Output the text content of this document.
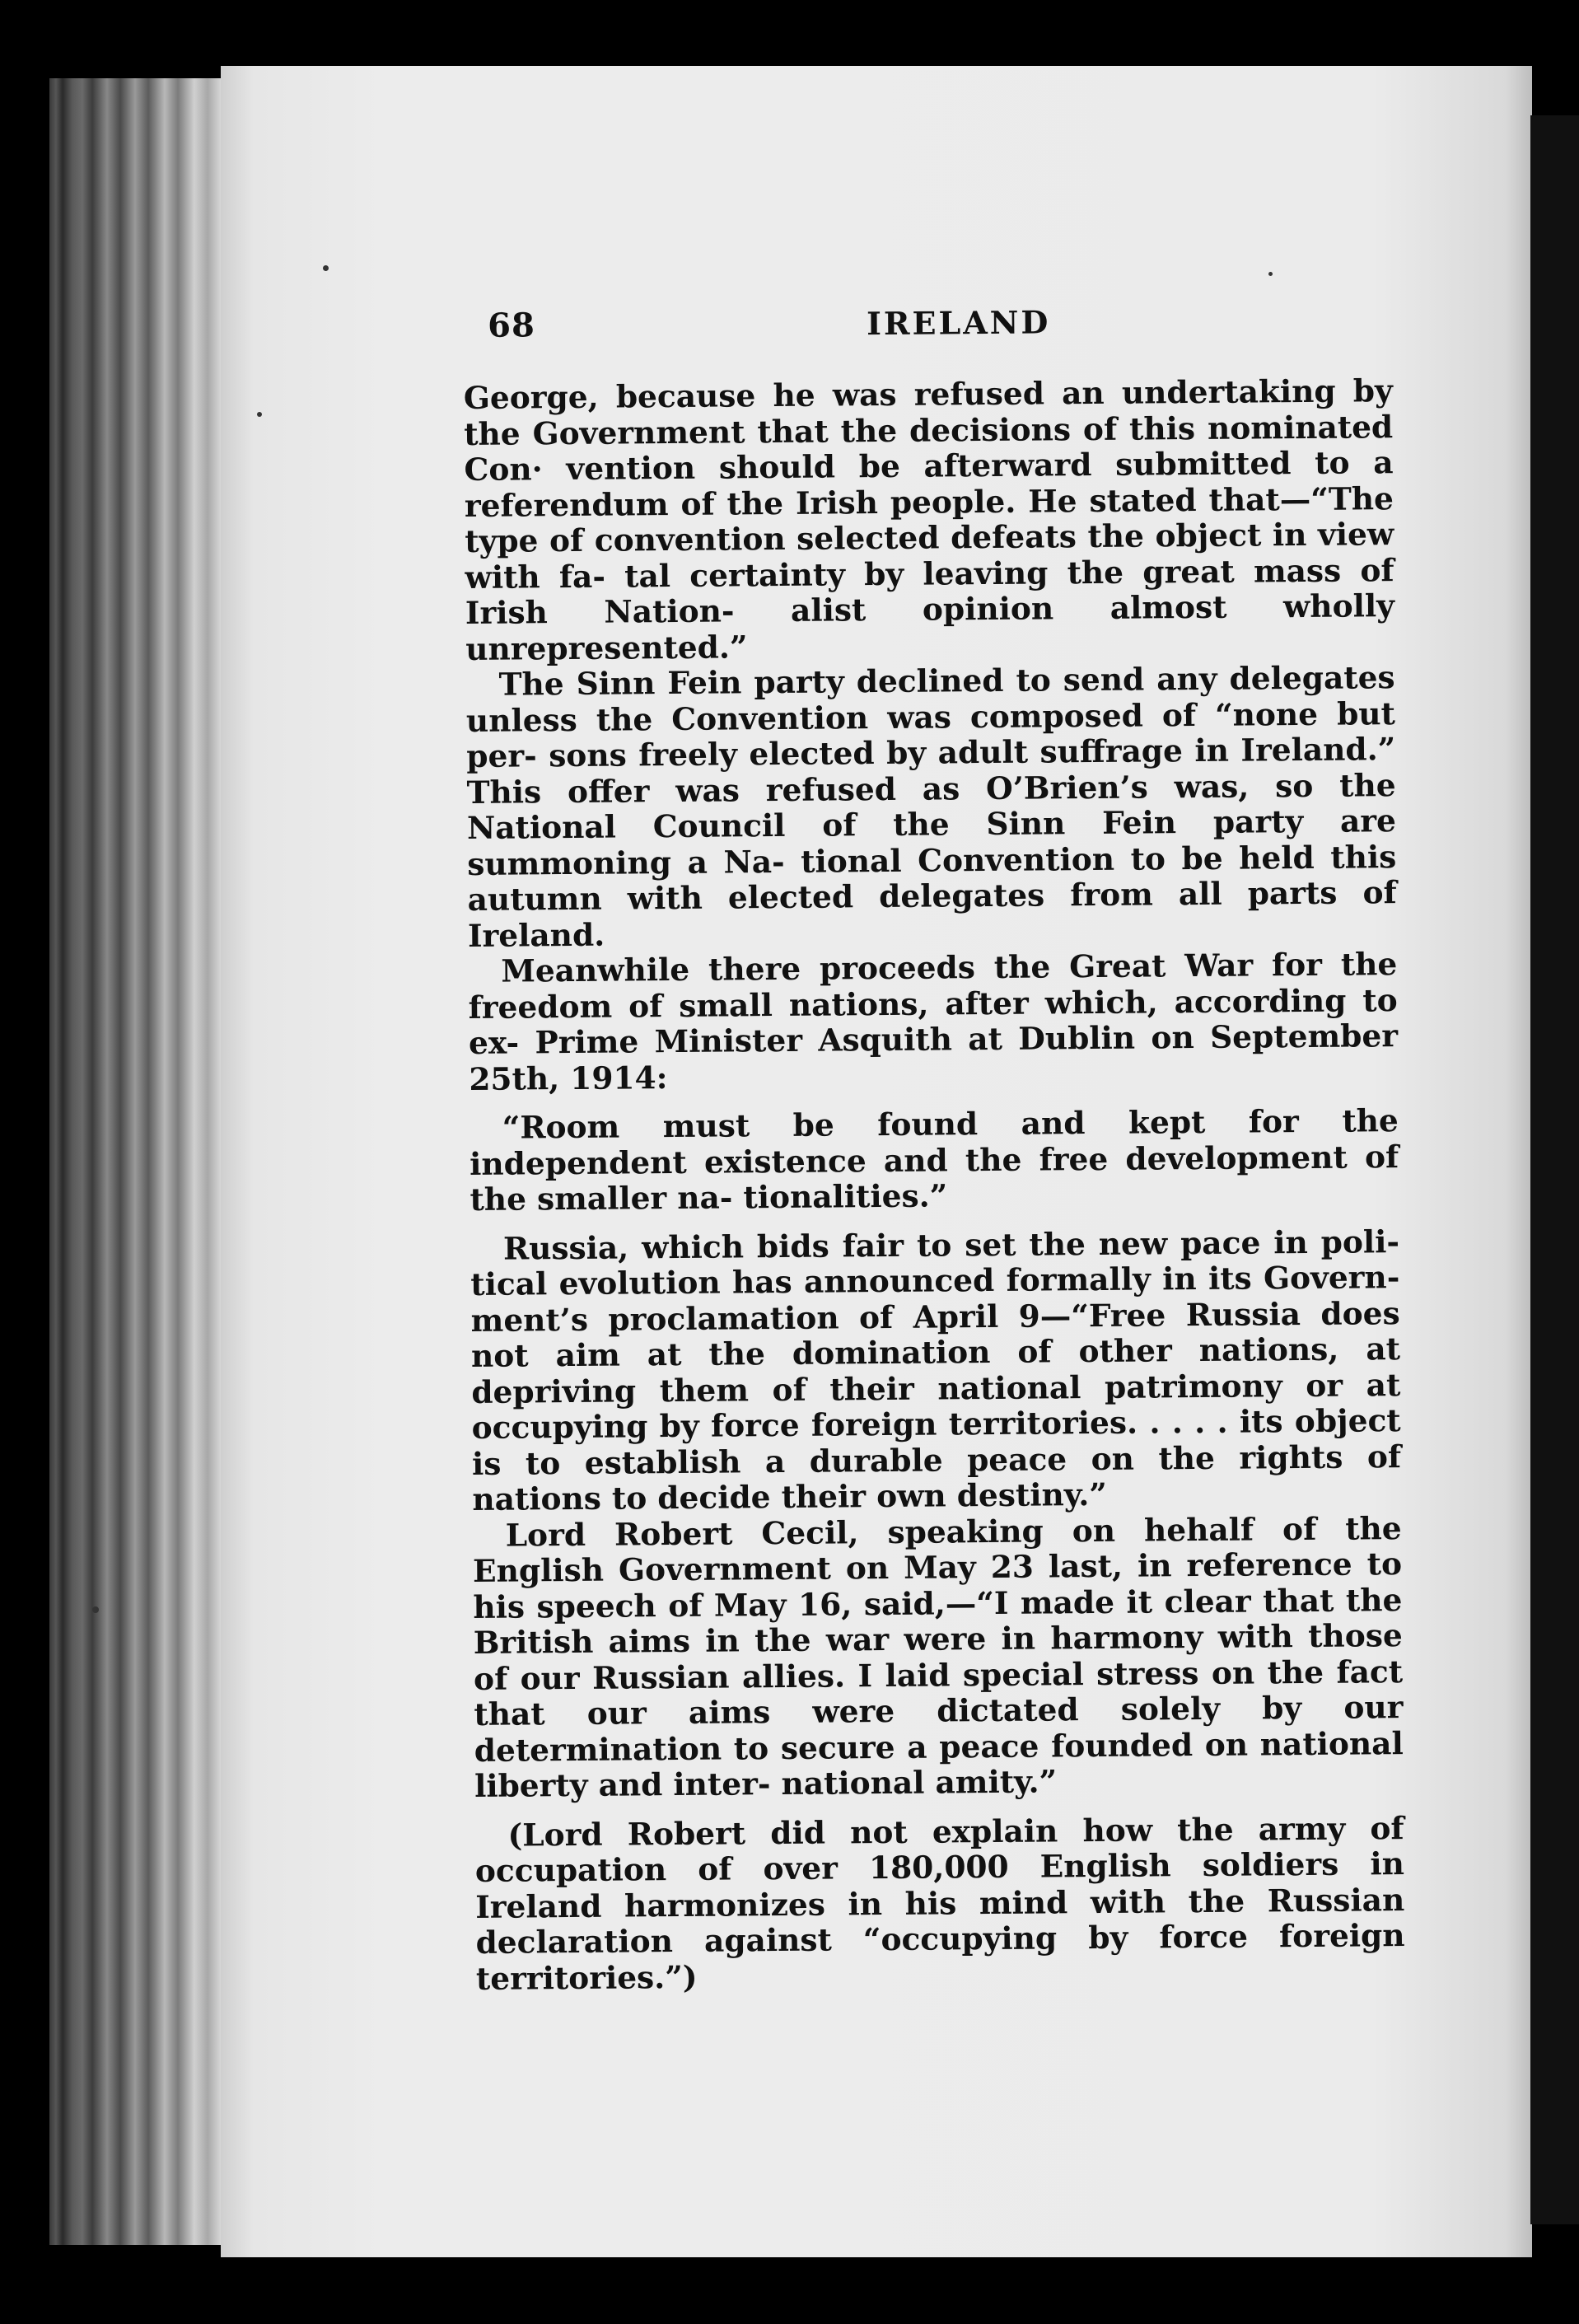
68	IRELAND

George, because he was refused an undertaking by the Government that the decisions of this nominated Con· vention should be afterward submitted to a referendum of the Irish people. He stated that—“The type of convention selected defeats the object in view with fa- tal certainty by leaving the great mass of Irish Nation- alist opinion almost wholly unrepresented.”

The Sinn Fein party declined to send any delegates unless the Convention was composed of “none but per- sons freely elected by adult suffrage in Ireland.” This offer was refused as O’Brien’s was, so the National Council of the Sinn Fein party are summoning a Na- tional Convention to be held this autumn with elected delegates from all parts of Ireland.

Meanwhile there proceeds the Great War for the freedom of small nations, after which, according to ex- Prime Minister Asquith at Dublin on September 25th, 1914:

“Room must be found and kept for the independent existence and the free development of the smaller na- tionalities.”

Russia, which bids fair to set the new pace in poli- tical evolution has announced formally in its Govern- ment’s proclamation of April 9—“Free Russia does not aim at the domination of other nations, at depriving them of their national patrimony or at occupying by force foreign territories. . . . . its object is to establish a durable peace on the rights of nations to decide their own destiny.”

Lord Robert Cecil, speaking on hehalf of the English Government on May 23 last, in reference to his speech of May 16, said,—“I made it clear that the British aims in the war were in harmony with those of our Russian allies. I laid special stress on the fact that our aims were dictated solely by our determination to secure a peace founded on national liberty and inter- national amity.”

(Lord Robert did not explain how the army of occupation of over 180,000 English soldiers in Ireland harmonizes in his mind with the Russian declaration against “occupying by force foreign territories.”)
